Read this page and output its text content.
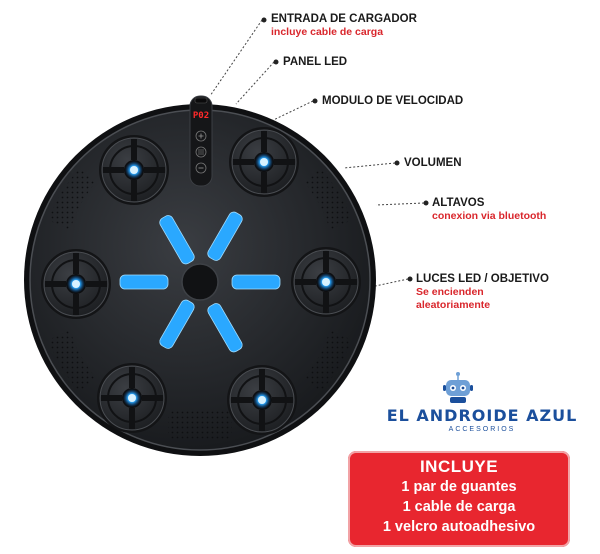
P02
ENTRADA DE CARGADOR
incluye cable de carga
PANEL LED
MODULO DE VELOCIDAD
VOLUMEN
ALTAVOS
conexion via bluetooth
LUCES LED / OBJETIVO
Se encienden
aleatoriamente
EL ANDROIDE AZUL
ACCESORIOS
INCLUYE
1 par de guantes
1 cable de carga
1 velcro autoadhesivo
